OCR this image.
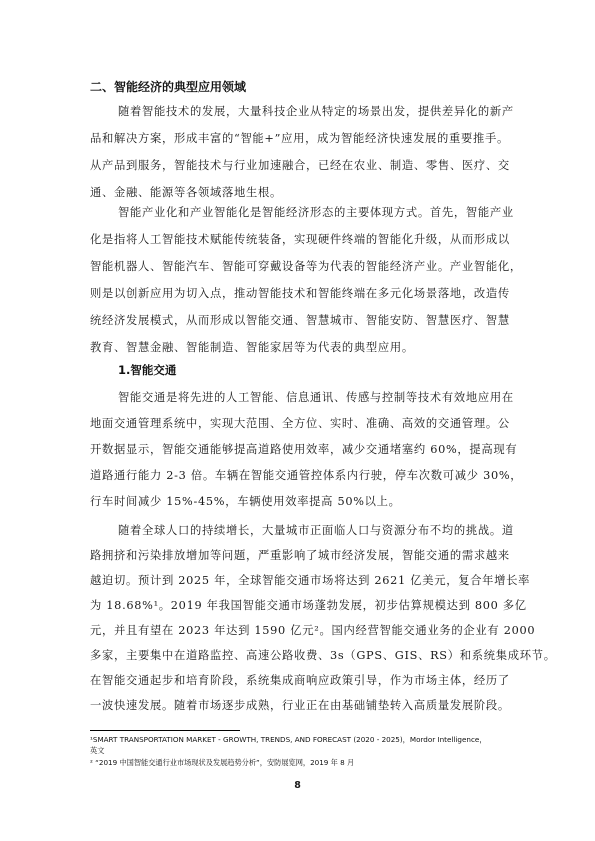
二、智能经济的典型应用领域
随着智能技术的发展，大量科技企业从特定的场景出发，提供差异化的新产
品和解决方案，形成丰富的“智能+”应用，成为智能经济快速发展的重要推手。
从产品到服务，智能技术与行业加速融合，已经在农业、制造、零售、医疗、交
通、金融、能源等各领域落地生根。
智能产业化和产业智能化是智能经济形态的主要体现方式。首先，智能产业
化是指将人工智能技术赋能传统装备，实现硬件终端的智能化升级，从而形成以
智能机器人、智能汽车、智能可穿戴设备等为代表的智能经济产业。产业智能化，
则是以创新应用为切入点，推动智能技术和智能终端在多元化场景落地，改造传
统经济发展模式，从而形成以智能交通、智慧城市、智能安防、智慧医疗、智慧
教育、智慧金融、智能制造、智能家居等为代表的典型应用。
1.智能交通
智能交通是将先进的人工智能、信息通讯、传感与控制等技术有效地应用在
地面交通管理系统中，实现大范围、全方位、实时、准确、高效的交通管理。公
开数据显示，智能交通能够提高道路使用效率，减少交通堵塞约 60%，提高现有
道路通行能力 2-3 倍。车辆在智能交通管控体系内行驶，停车次数可减少 30%，
行车时间减少 15%-45%，车辆使用效率提高 50%以上。
随着全球人口的持续增长，大量城市正面临人口与资源分布不均的挑战。道
路拥挤和污染排放增加等问题，严重影响了城市经济发展，智能交通的需求越来
越迫切。预计到 2025 年，全球智能交通市场将达到 2621 亿美元，复合年增长率
为 18.68%¹。2019 年我国智能交通市场蓬勃发展，初步估算规模达到 800 多亿
元，并且有望在 2023 年达到 1590 亿元²。国内经营智能交通业务的企业有 2000
多家，主要集中在道路监控、高速公路收费、3s（GPS、GIS、RS）和系统集成环节。
在智能交通起步和培育阶段，系统集成商响应政策引导，作为市场主体，经历了
一波快速发展。随着市场逐步成熟，行业正在由基础铺垫转入高质量发展阶段。
¹SMART TRANSPORTATION MARKET - GROWTH, TRENDS, AND FORECAST (2020 - 2025)，Mordor Intelligence，
英文
² “2019 中国智能交通行业市场现状及发展趋势分析”，安防展览网，2019 年 8 月
8
